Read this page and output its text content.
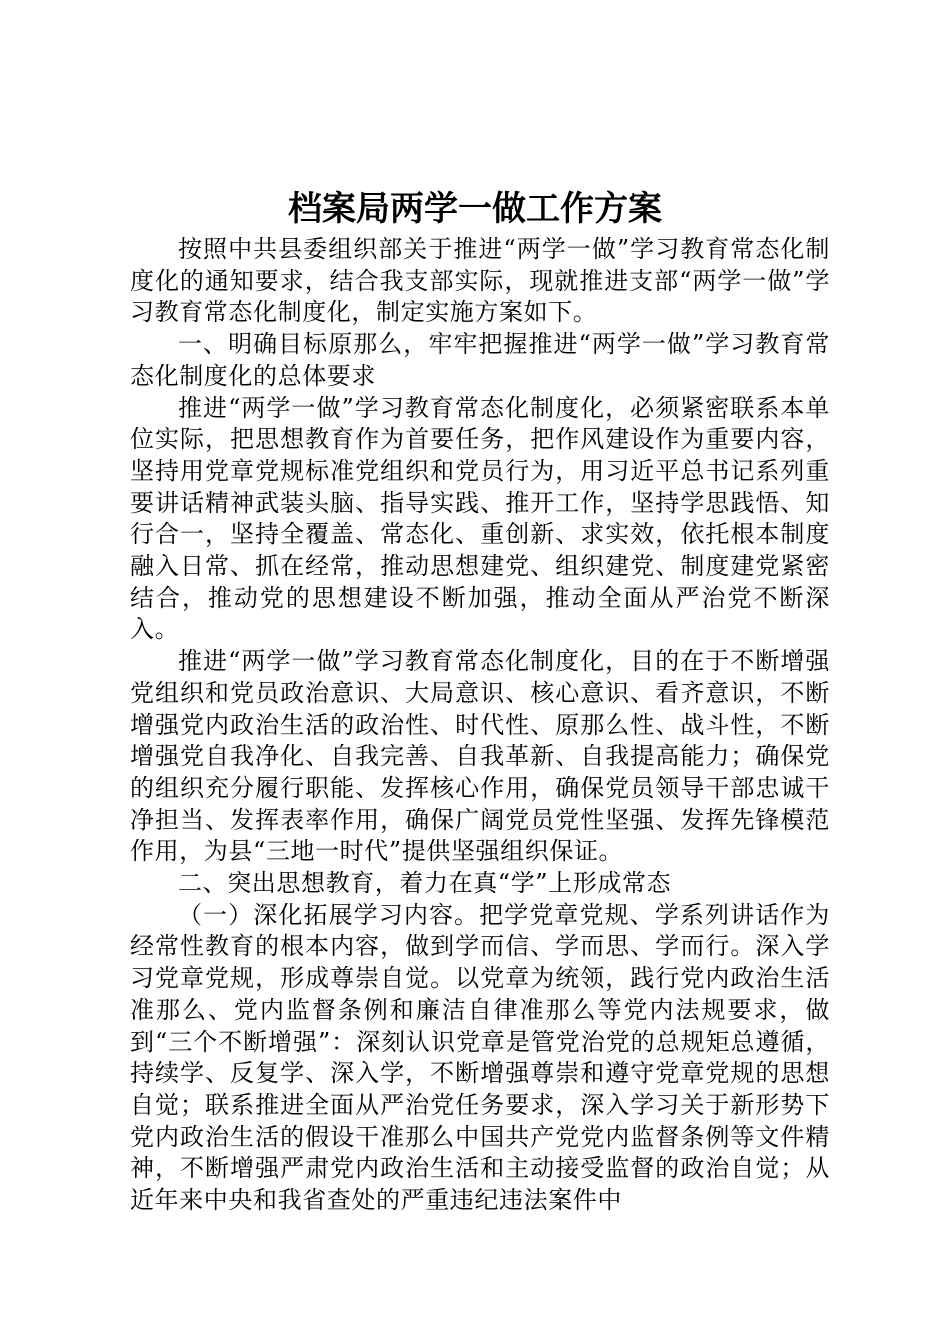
档案局两学一做工作方案

按照中共县委组织部关于推进“两学一做”学习教育常态化制度化的通知要求，结合我支部实际，现就推进支部“两学一做”学习教育常态化制度化，制定实施方案如下。

一、明确目标原那么，牢牢把握推进“两学一做”学习教育常态化制度化的总体要求

推进“两学一做”学习教育常态化制度化，必须紧密联系本单位实际，把思想教育作为首要任务，把作风建设作为重要内容，坚持用党章党规标准党组织和党员行为，用习近平总书记系列重要讲话精神武装头脑、指导实践、推开工作，坚持学思践悟、知行合一，坚持全覆盖、常态化、重创新、求实效，依托根本制度融入日常、抓在经常，推动思想建党、组织建党、制度建党紧密结合，推动党的思想建设不断加强，推动全面从严治党不断深入。

推进“两学一做”学习教育常态化制度化，目的在于不断增强党组织和党员政治意识、大局意识、核心意识、看齐意识，不断增强党内政治生活的政治性、时代性、原那么性、战斗性，不断增强党自我净化、自我完善、自我革新、自我提高能力；确保党的组织充分履行职能、发挥核心作用，确保党员领导干部忠诚干净担当、发挥表率作用，确保广阔党员党性坚强、发挥先锋模范作用，为县“三地一时代”提供坚强组织保证。

二、突出思想教育，着力在真“学”上形成常态

（一）深化拓展学习内容。把学党章党规、学系列讲话作为经常性教育的根本内容，做到学而信、学而思、学而行。深入学习党章党规，形成尊崇自觉。以党章为统领，践行党内政治生活准那么、党内监督条例和廉洁自律准那么等党内法规要求，做到“三个不断增强”：深刻认识党章是管党治党的总规矩总遵循，持续学、反复学、深入学，不断增强尊崇和遵守党章党规的思想自觉；联系推进全面从严治党任务要求，深入学习关于新形势下党内政治生活的假设干准那么中国共产党党内监督条例等文件精神，不断增强严肃党内政治生活和主动接受监督的政治自觉；从近年来中央和我省查处的严重违纪违法案件中
